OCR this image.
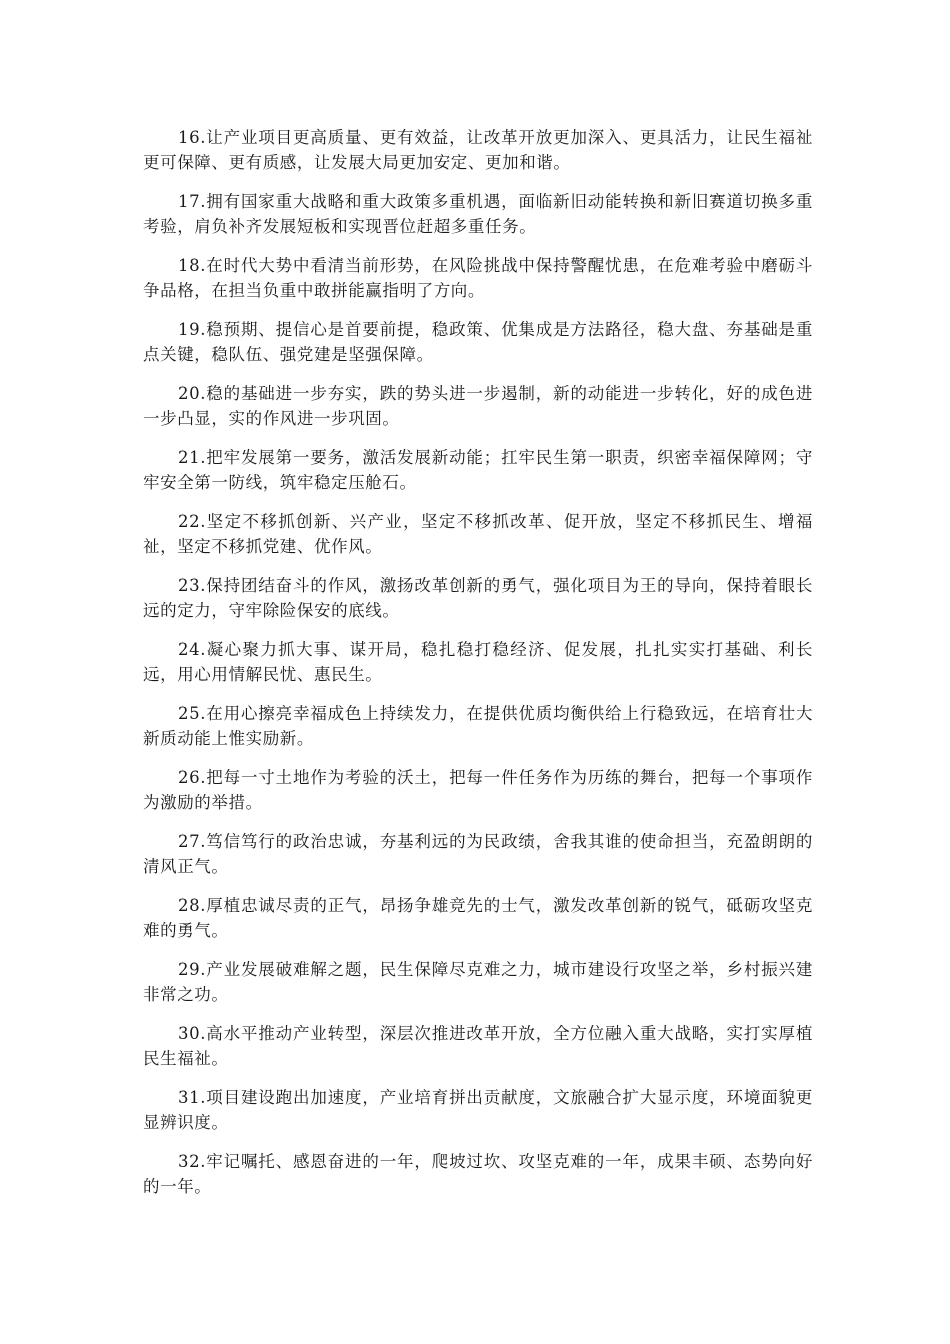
16.让产业项目更高质量、更有效益，让改革开放更加深入、更具活力，让民生福祉更可保障、更有质感，让发展大局更加安定、更加和谐。

17.拥有国家重大战略和重大政策多重机遇，面临新旧动能转换和新旧赛道切换多重考验，肩负补齐发展短板和实现晋位赶超多重任务。

18.在时代大势中看清当前形势，在风险挑战中保持警醒忧患，在危难考验中磨砺斗争品格，在担当负重中敢拼能赢指明了方向。

19.稳预期、提信心是首要前提，稳政策、优集成是方法路径，稳大盘、夯基础是重点关键，稳队伍、强党建是坚强保障。

20.稳的基础进一步夯实，跌的势头进一步遏制，新的动能进一步转化，好的成色进一步凸显，实的作风进一步巩固。

21.把牢发展第一要务，激活发展新动能；扛牢民生第一职责，织密幸福保障网；守牢安全第一防线，筑牢稳定压舱石。

22.坚定不移抓创新、兴产业，坚定不移抓改革、促开放，坚定不移抓民生、增福祉，坚定不移抓党建、优作风。

23.保持团结奋斗的作风，激扬改革创新的勇气，强化项目为王的导向，保持着眼长远的定力，守牢除险保安的底线。

24.凝心聚力抓大事、谋开局，稳扎稳打稳经济、促发展，扎扎实实打基础、利长远，用心用情解民忧、惠民生。

25.在用心擦亮幸福成色上持续发力，在提供优质均衡供给上行稳致远，在培育壮大新质动能上惟实励新。

26.把每一寸土地作为考验的沃土，把每一件任务作为历练的舞台，把每一个事项作为激励的举措。

27.笃信笃行的政治忠诚，夯基利远的为民政绩，舍我其谁的使命担当，充盈朗朗的清风正气。

28.厚植忠诚尽责的正气，昂扬争雄竞先的士气，激发改革创新的锐气，砥砺攻坚克难的勇气。

29.产业发展破难解之题，民生保障尽克难之力，城市建设行攻坚之举，乡村振兴建非常之功。

30.高水平推动产业转型，深层次推进改革开放，全方位融入重大战略，实打实厚植民生福祉。

31.项目建设跑出加速度，产业培育拼出贡献度，文旅融合扩大显示度，环境面貌更显辨识度。

32.牢记嘱托、感恩奋进的一年，爬坡过坎、攻坚克难的一年，成果丰硕、态势向好的一年。
